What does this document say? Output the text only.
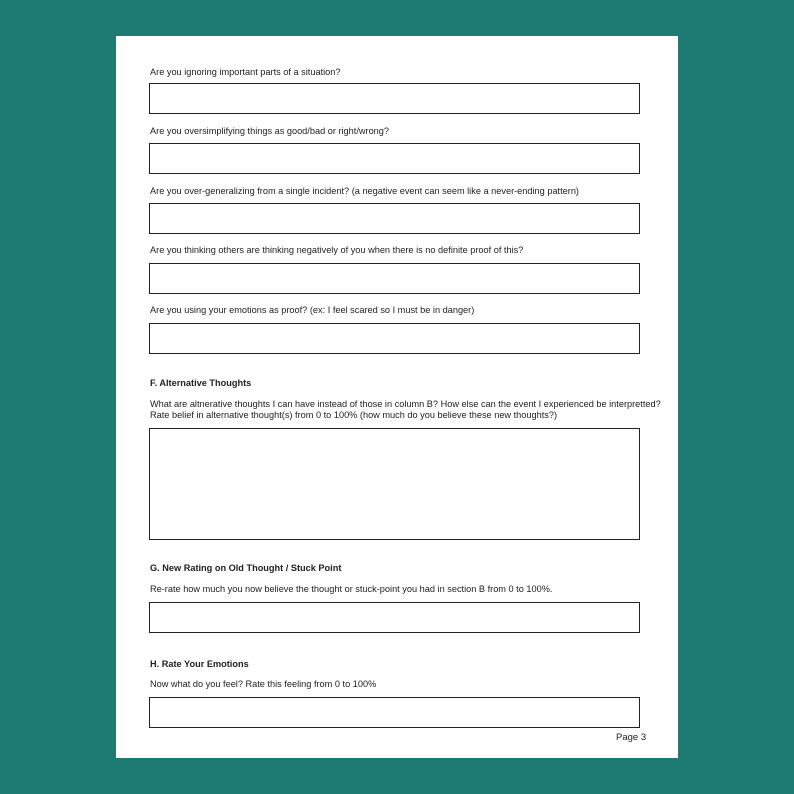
Are you ignoring important parts of a situation?
Are you oversimplifying things as good/bad or right/wrong?
Are you over-generalizing from a single incident? (a negative event can seem like a never-ending pattern)
Are you thinking others are thinking negatively of you when there is no definite proof of this?
Are you using your emotions as proof? (ex: I feel scared so I must be in danger)
F. Alternative Thoughts
What are altnerative thoughts I can have instead of those in column B? How else can the event I experienced be interpretted?
Rate belief in alternative thought(s) from 0 to 100% (how much do you believe these new thoughts?)
G. New Rating on Old Thought / Stuck Point
Re-rate how much you now believe the thought or stuck-point you had in section B from 0 to 100%.
H. Rate Your Emotions
Now what do you feel? Rate this feeling from 0 to 100%
Page 3
